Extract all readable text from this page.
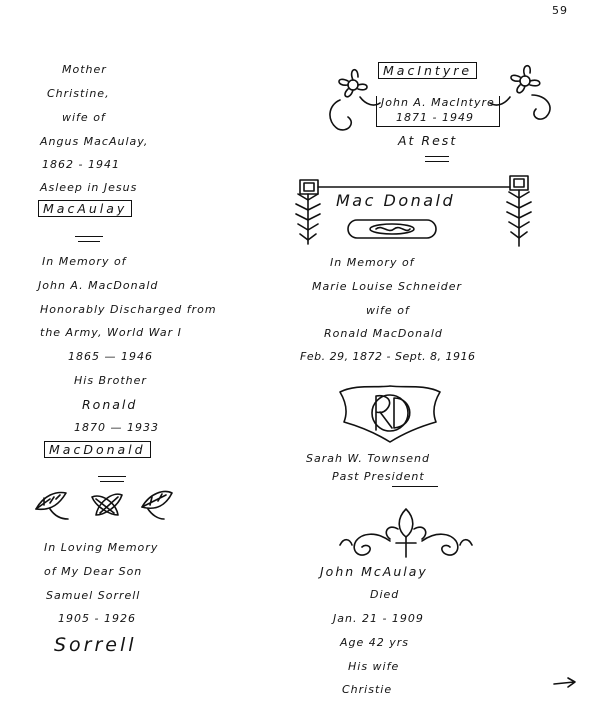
59
Mother
Christine,
wife of
Angus MacAulay,
1862 - 1941
Asleep in Jesus
MacAulay
In Memory of
John A. MacDonald
Honorably Discharged from
the Army, World War I
1865 — 1946
His Brother
Ronald
1870 — 1933
MacDonald
In Loving Memory
of My Dear Son
Samuel Sorrell
1905 - 1926
Sorrell
MacIntyre
John A. MacIntyre
1871 - 1949
At Rest
Mac Donald
In Memory of
Marie Louise Schneider
wife of
Ronald MacDonald
Feb. 29, 1872 - Sept. 8, 1916
Sarah W. Townsend
Past President
John McAulay
Died
Jan. 21 - 1909
Age 42 yrs
His wife
Christie
